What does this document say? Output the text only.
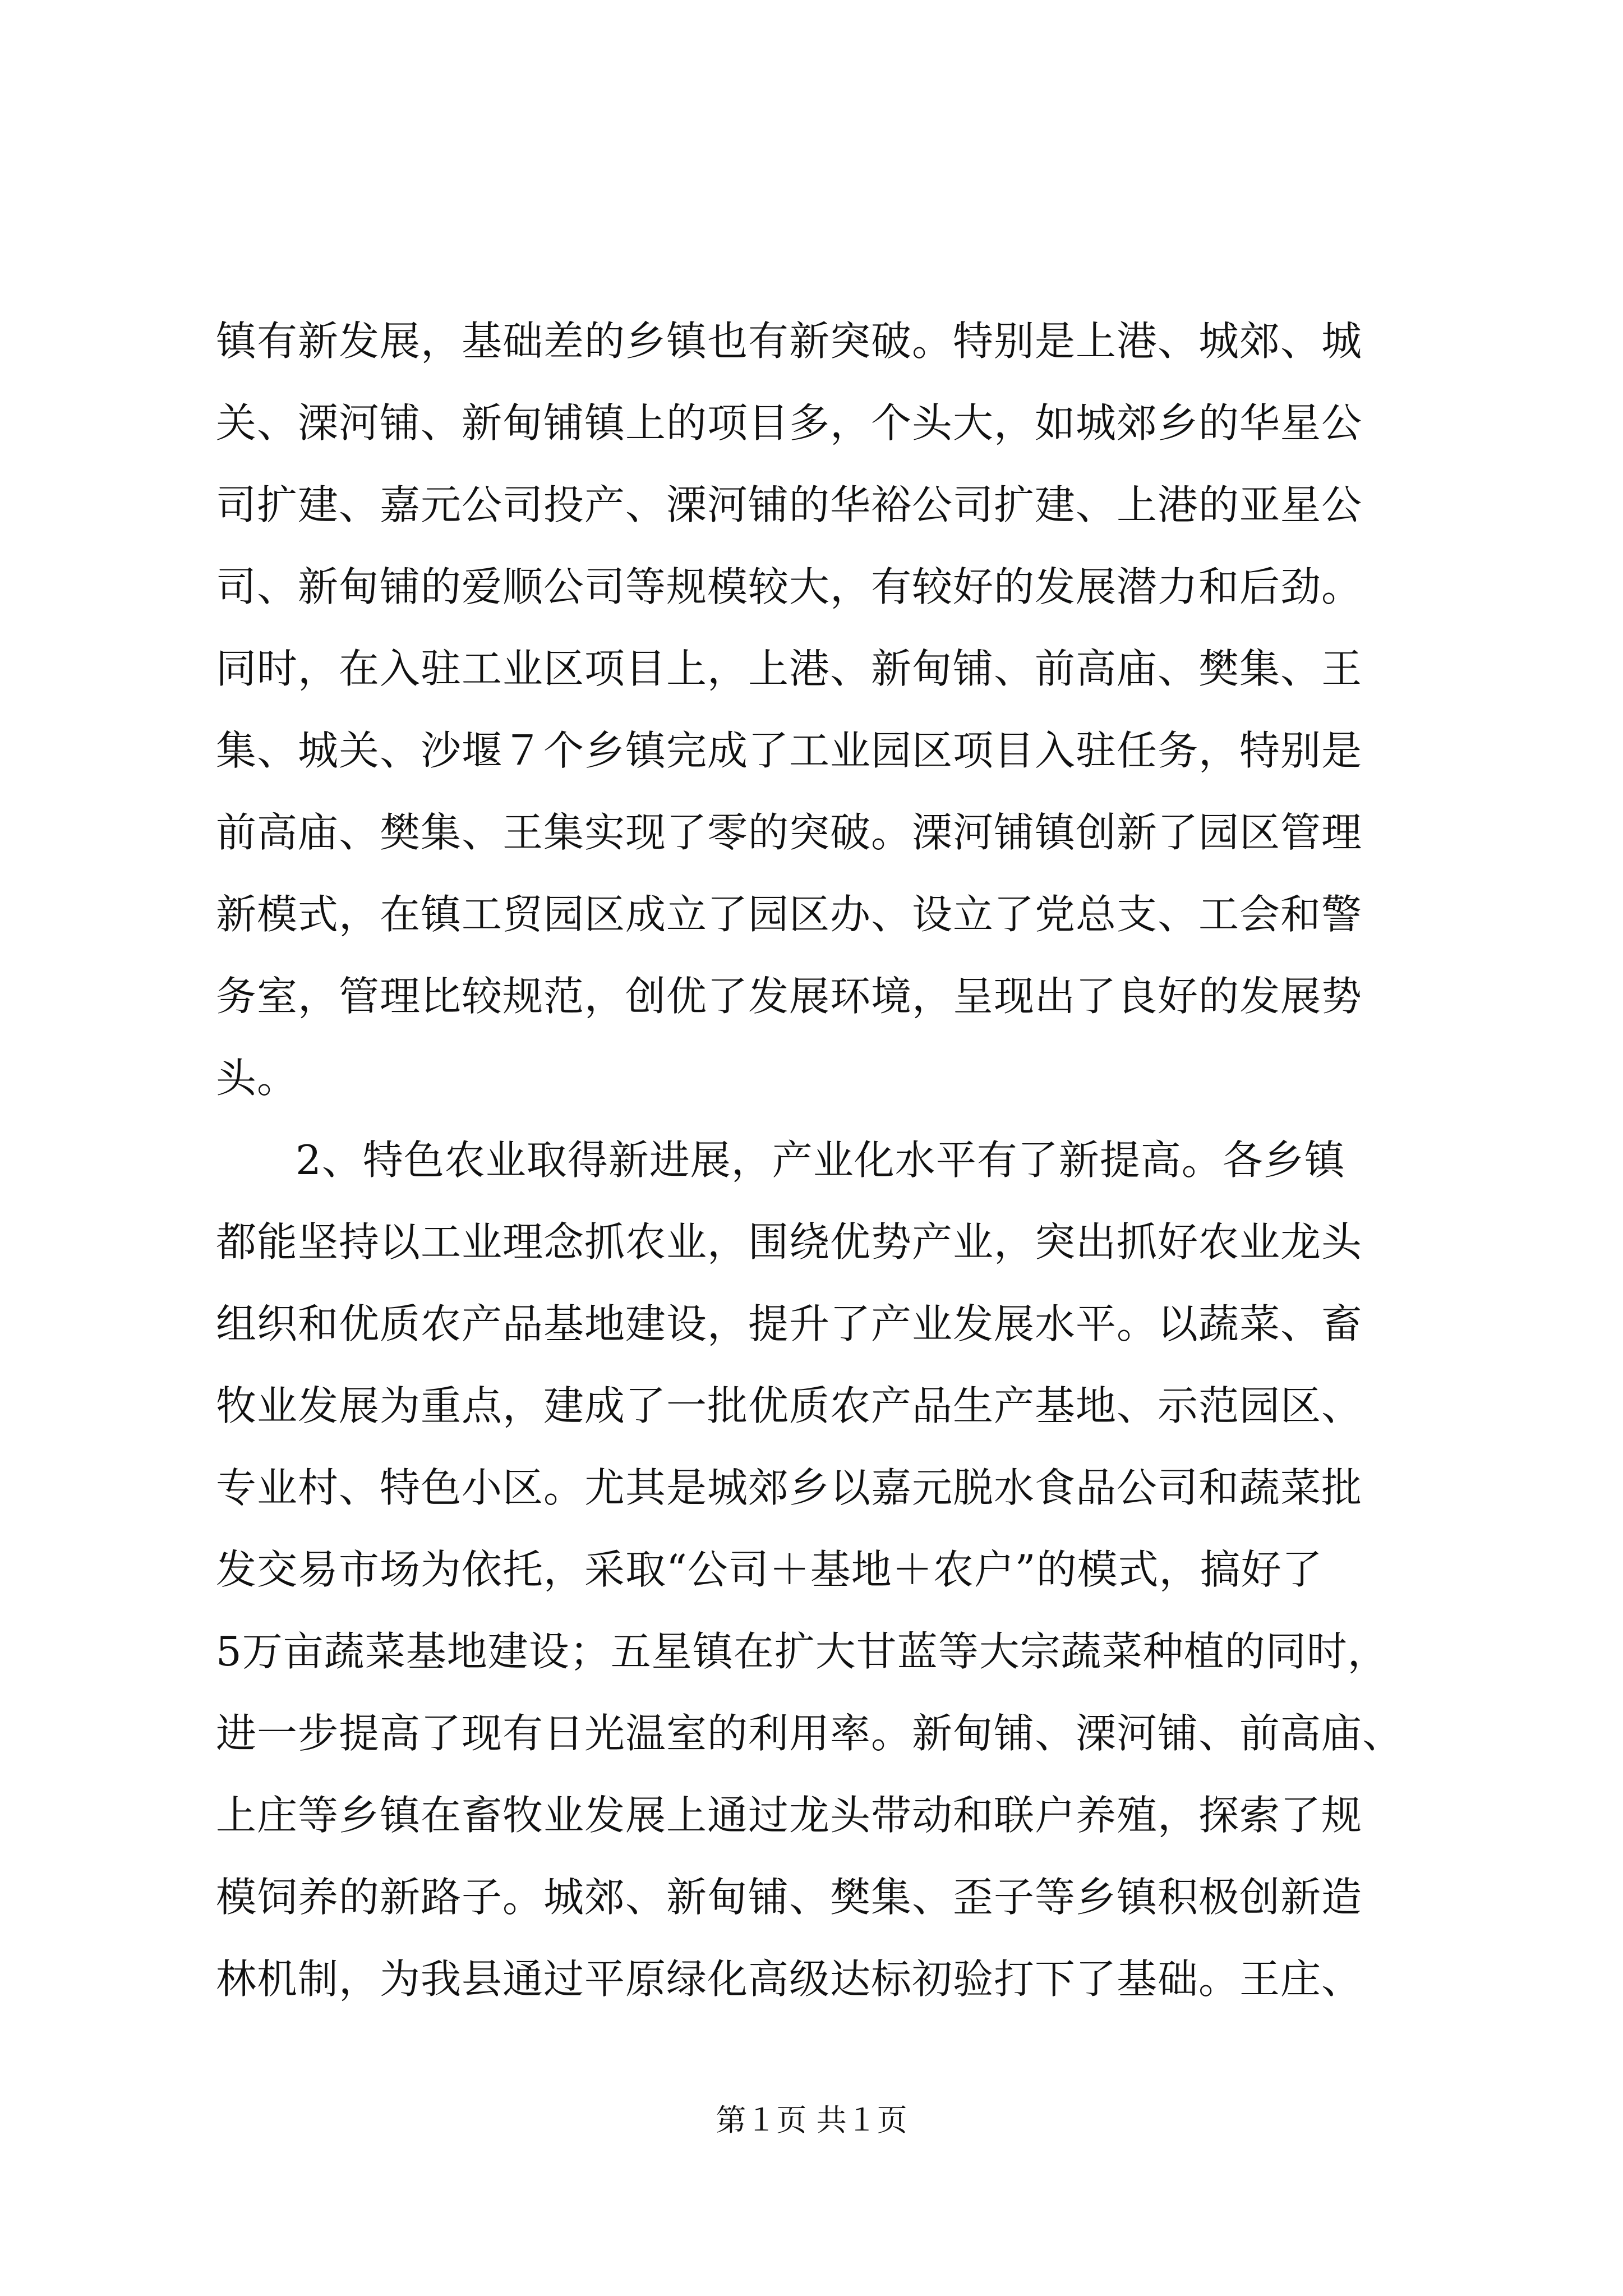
镇有新发展，基础差的乡镇也有新突破。特别是上港、城郊、城
关、溧河铺、新甸铺镇上的项目多，个头大，如城郊乡的华星公
司扩建、嘉元公司投产、溧河铺的华裕公司扩建、上港的亚星公
司、新甸铺的爱顺公司等规模较大，有较好的发展潜力和后劲。
同时，在入驻工业区项目上，上港、新甸铺、前高庙、樊集、王
集、城关、沙堰７个乡镇完成了工业园区项目入驻任务，特别是
前高庙、樊集、王集实现了零的突破。溧河铺镇创新了园区管理
新模式，在镇工贸园区成立了园区办、设立了党总支、工会和警
务室，管理比较规范，创优了发展环境，呈现出了良好的发展势
头。
2、特色农业取得新进展，产业化水平有了新提高。各乡镇
都能坚持以工业理念抓农业，围绕优势产业，突出抓好农业龙头
组织和优质农产品基地建设，提升了产业发展水平。以蔬菜、畜
牧业发展为重点，建成了一批优质农产品生产基地、示范园区、
专业村、特色小区。尤其是城郊乡以嘉元脱水食品公司和蔬菜批
发交易市场为依托，采取“公司＋基地＋农户”的模式，搞好了
5万亩蔬菜基地建设；五星镇在扩大甘蓝等大宗蔬菜种植的同时，
进一步提高了现有日光温室的利用率。新甸铺、溧河铺、前高庙、
上庄等乡镇在畜牧业发展上通过龙头带动和联户养殖，探索了规
模饲养的新路子。城郊、新甸铺、樊集、歪子等乡镇积极创新造
林机制，为我县通过平原绿化高级达标初验打下了基础。王庄、
第１页 共１页
